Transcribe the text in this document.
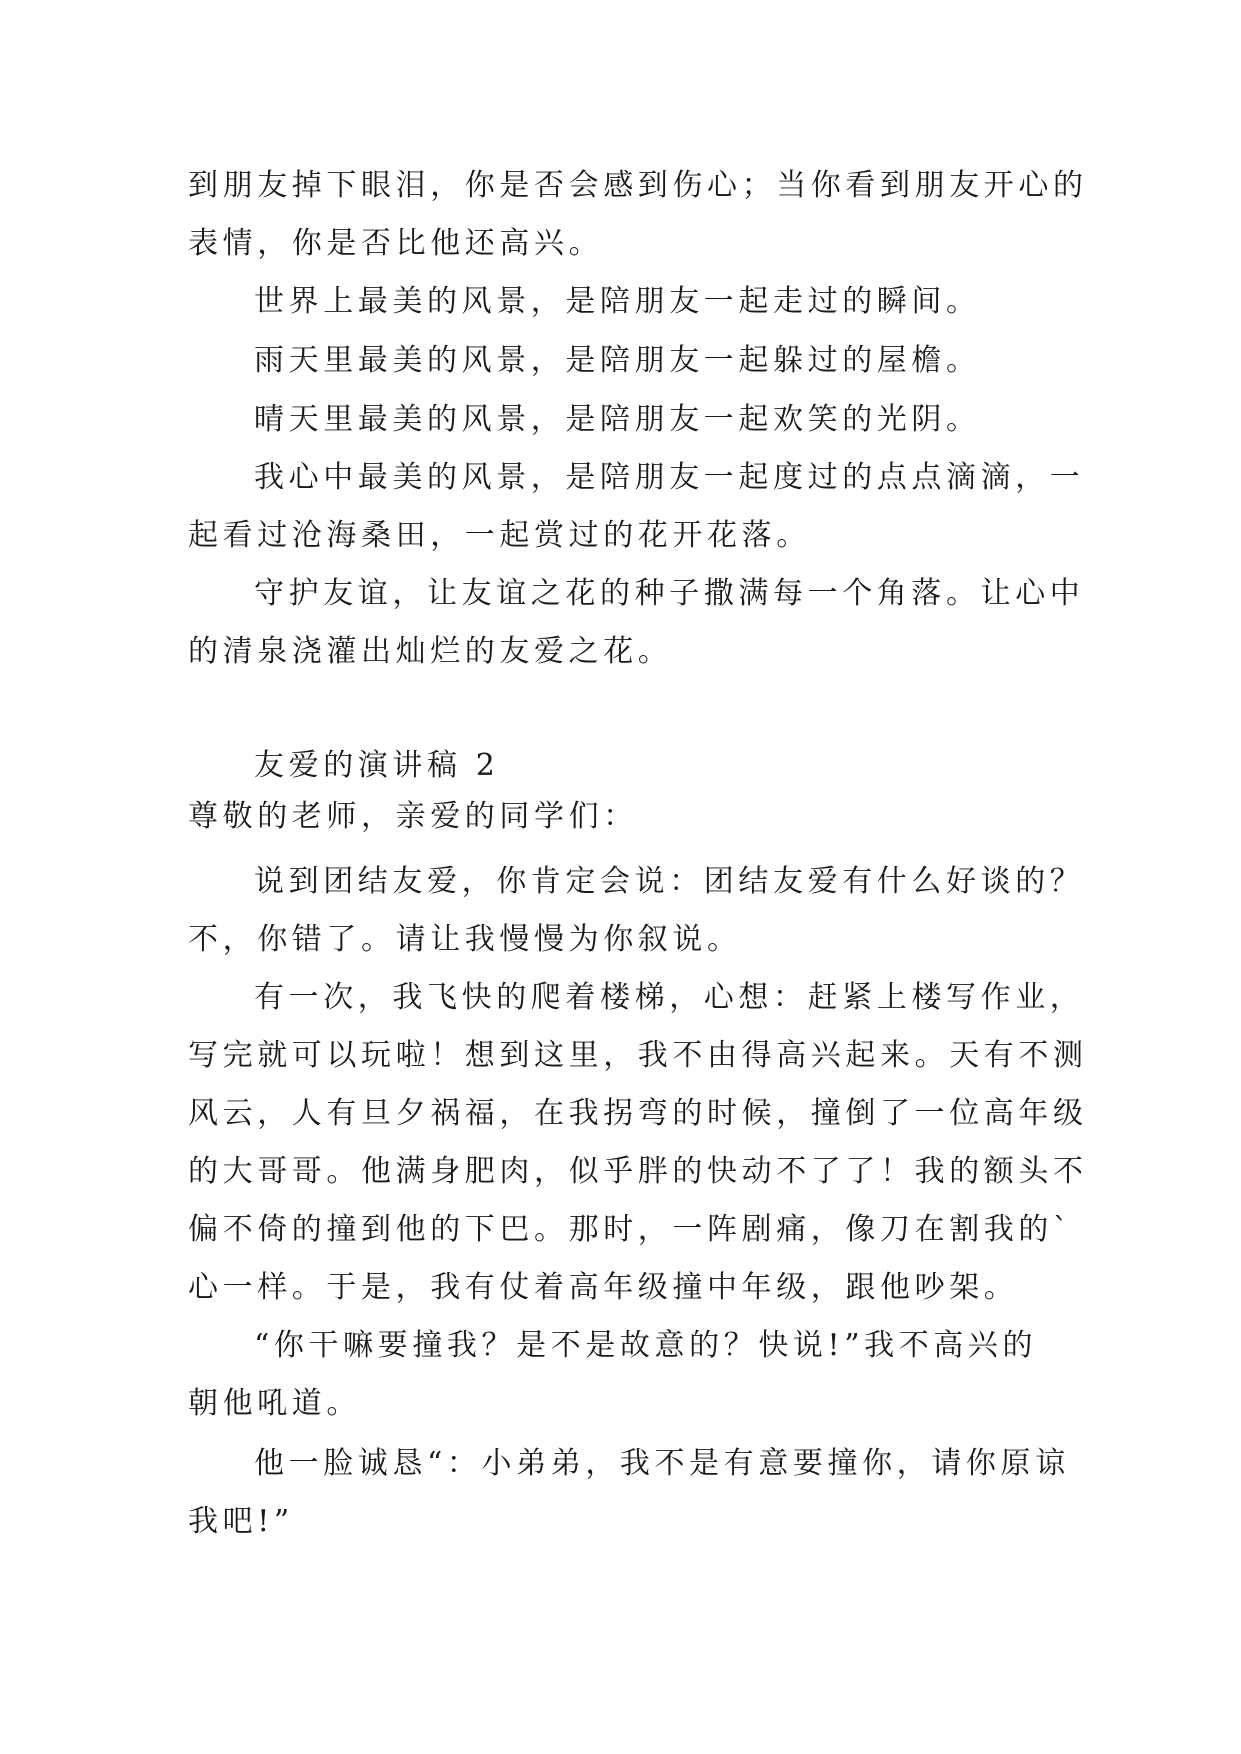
到朋友掉下眼泪，你是否会感到伤心；当你看到朋友开心的
表情，你是否比他还高兴。
世界上最美的风景，是陪朋友一起走过的瞬间。
雨天里最美的风景，是陪朋友一起躲过的屋檐。
晴天里最美的风景，是陪朋友一起欢笑的光阴。
我心中最美的风景，是陪朋友一起度过的点点滴滴，一
起看过沧海桑田，一起赏过的花开花落。
守护友谊，让友谊之花的种子撒满每一个角落。让心中
的清泉浇灌出灿烂的友爱之花。
友爱的演讲稿 2
尊敬的老师，亲爱的同学们：
说到团结友爱，你肯定会说：团结友爱有什么好谈的？
不，你错了。请让我慢慢为你叙说。
有一次，我飞快的爬着楼梯，心想：赶紧上楼写作业，
写完就可以玩啦！想到这里，我不由得高兴起来。天有不测
风云，人有旦夕祸福，在我拐弯的时候，撞倒了一位高年级
的大哥哥。他满身肥肉，似乎胖的快动不了了！我的额头不
偏不倚的撞到他的下巴。那时，一阵剧痛，像刀在割我的`
心一样。于是，我有仗着高年级撞中年级，跟他吵架。
“你干嘛要撞我？是不是故意的？快说!”我不高兴的
朝他吼道。
他一脸诚恳“：小弟弟，我不是有意要撞你，请你原谅
我吧!”
